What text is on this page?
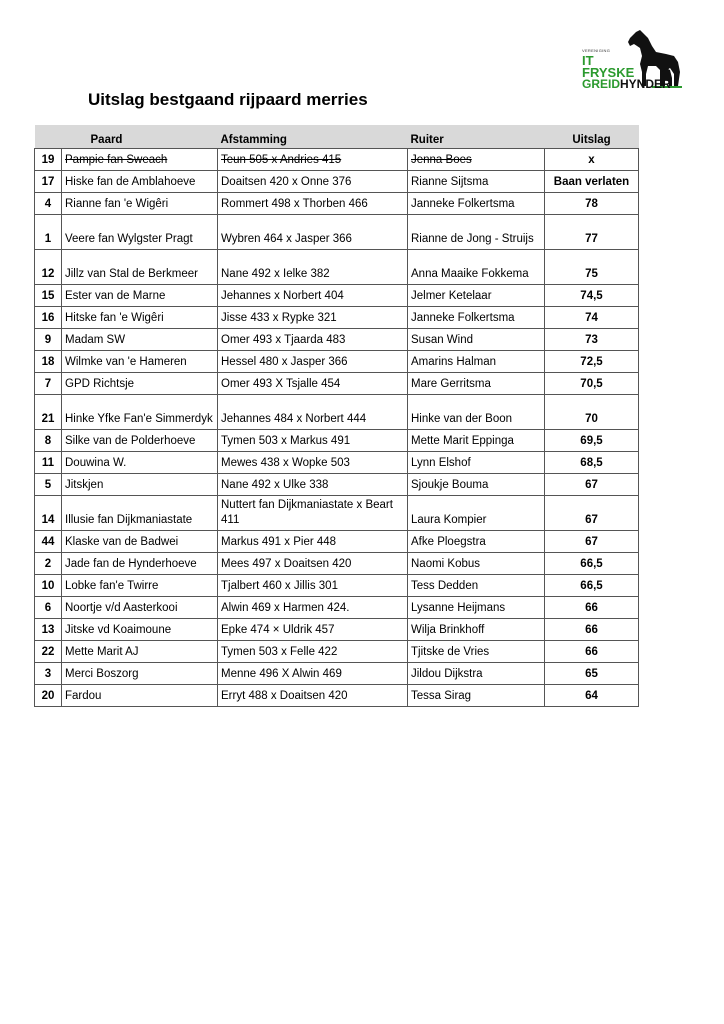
VERENIGING
IT
FRYSKE
GREIDHYNDER
Uitslag bestgaand rijpaard merries
	Paard	Afstamming	Ruiter	Uitslag
19	Pampie fan Sweach	Teun 505 x Andries 415	Jenna Boes	x
17	Hiske fan de Amblahoeve	Doaitsen 420 x Onne 376	Rianne Sijtsma	Baan verlaten
4	Rianne fan 'e Wigêri	Rommert 498 x Thorben 466	Janneke Folkertsma	78
1	Veere fan Wylgster Pragt	Wybren 464 x Jasper 366	Rianne de Jong - Struijs	77
12	Jillz van Stal de Berkmeer	Nane 492 x Ielke 382	Anna Maaike Fokkema	75
15	Ester van de Marne	Jehannes x Norbert 404	Jelmer Ketelaar	74,5
16	Hitske fan 'e Wigêri	Jisse 433 x Rypke 321	Janneke Folkertsma	74
9	Madam SW	Omer 493 x Tjaarda 483	Susan Wind	73
18	Wilmke van 'e Hameren	Hessel 480 x Jasper 366	Amarins Halman	72,5
7	GPD Richtsje	Omer 493 X Tsjalle 454	Mare Gerritsma	70,5
21	Hinke Yfke Fan'e Simmerdyk	Jehannes 484 x Norbert 444	Hinke van der Boon	70
8	Silke van de Polderhoeve	Tymen 503 x Markus 491	Mette Marit Eppinga	69,5
11	Douwina W.	Mewes 438 x Wopke 503	Lynn Elshof	68,5
5	Jitskjen	Nane 492 x Ulke 338	Sjoukje Bouma	67
14	Illusie fan Dijkmaniastate	Nuttert fan Dijkmaniastate x Beart 411	Laura Kompier	67
44	Klaske van de Badwei	Markus 491 x Pier 448	Afke Ploegstra	67
2	Jade fan de Hynderhoeve	Mees 497 x Doaitsen 420	Naomi Kobus	66,5
10	Lobke fan'e Twirre	Tjalbert 460 x Jillis 301	Tess Dedden	66,5
6	Noortje v/d Aasterkooi	Alwin 469 x Harmen 424.	Lysanne Heijmans	66
13	Jitske vd Koaimoune	Epke 474 × Uldrik 457	Wilja Brinkhoff	66
22	Mette Marit AJ	Tymen 503 x Felle 422	Tjitske de Vries	66
3	Merci Boszorg	Menne 496 X Alwin 469	Jildou Dijkstra	65
20	Fardou	Erryt 488 x Doaitsen 420	Tessa Sirag	64
